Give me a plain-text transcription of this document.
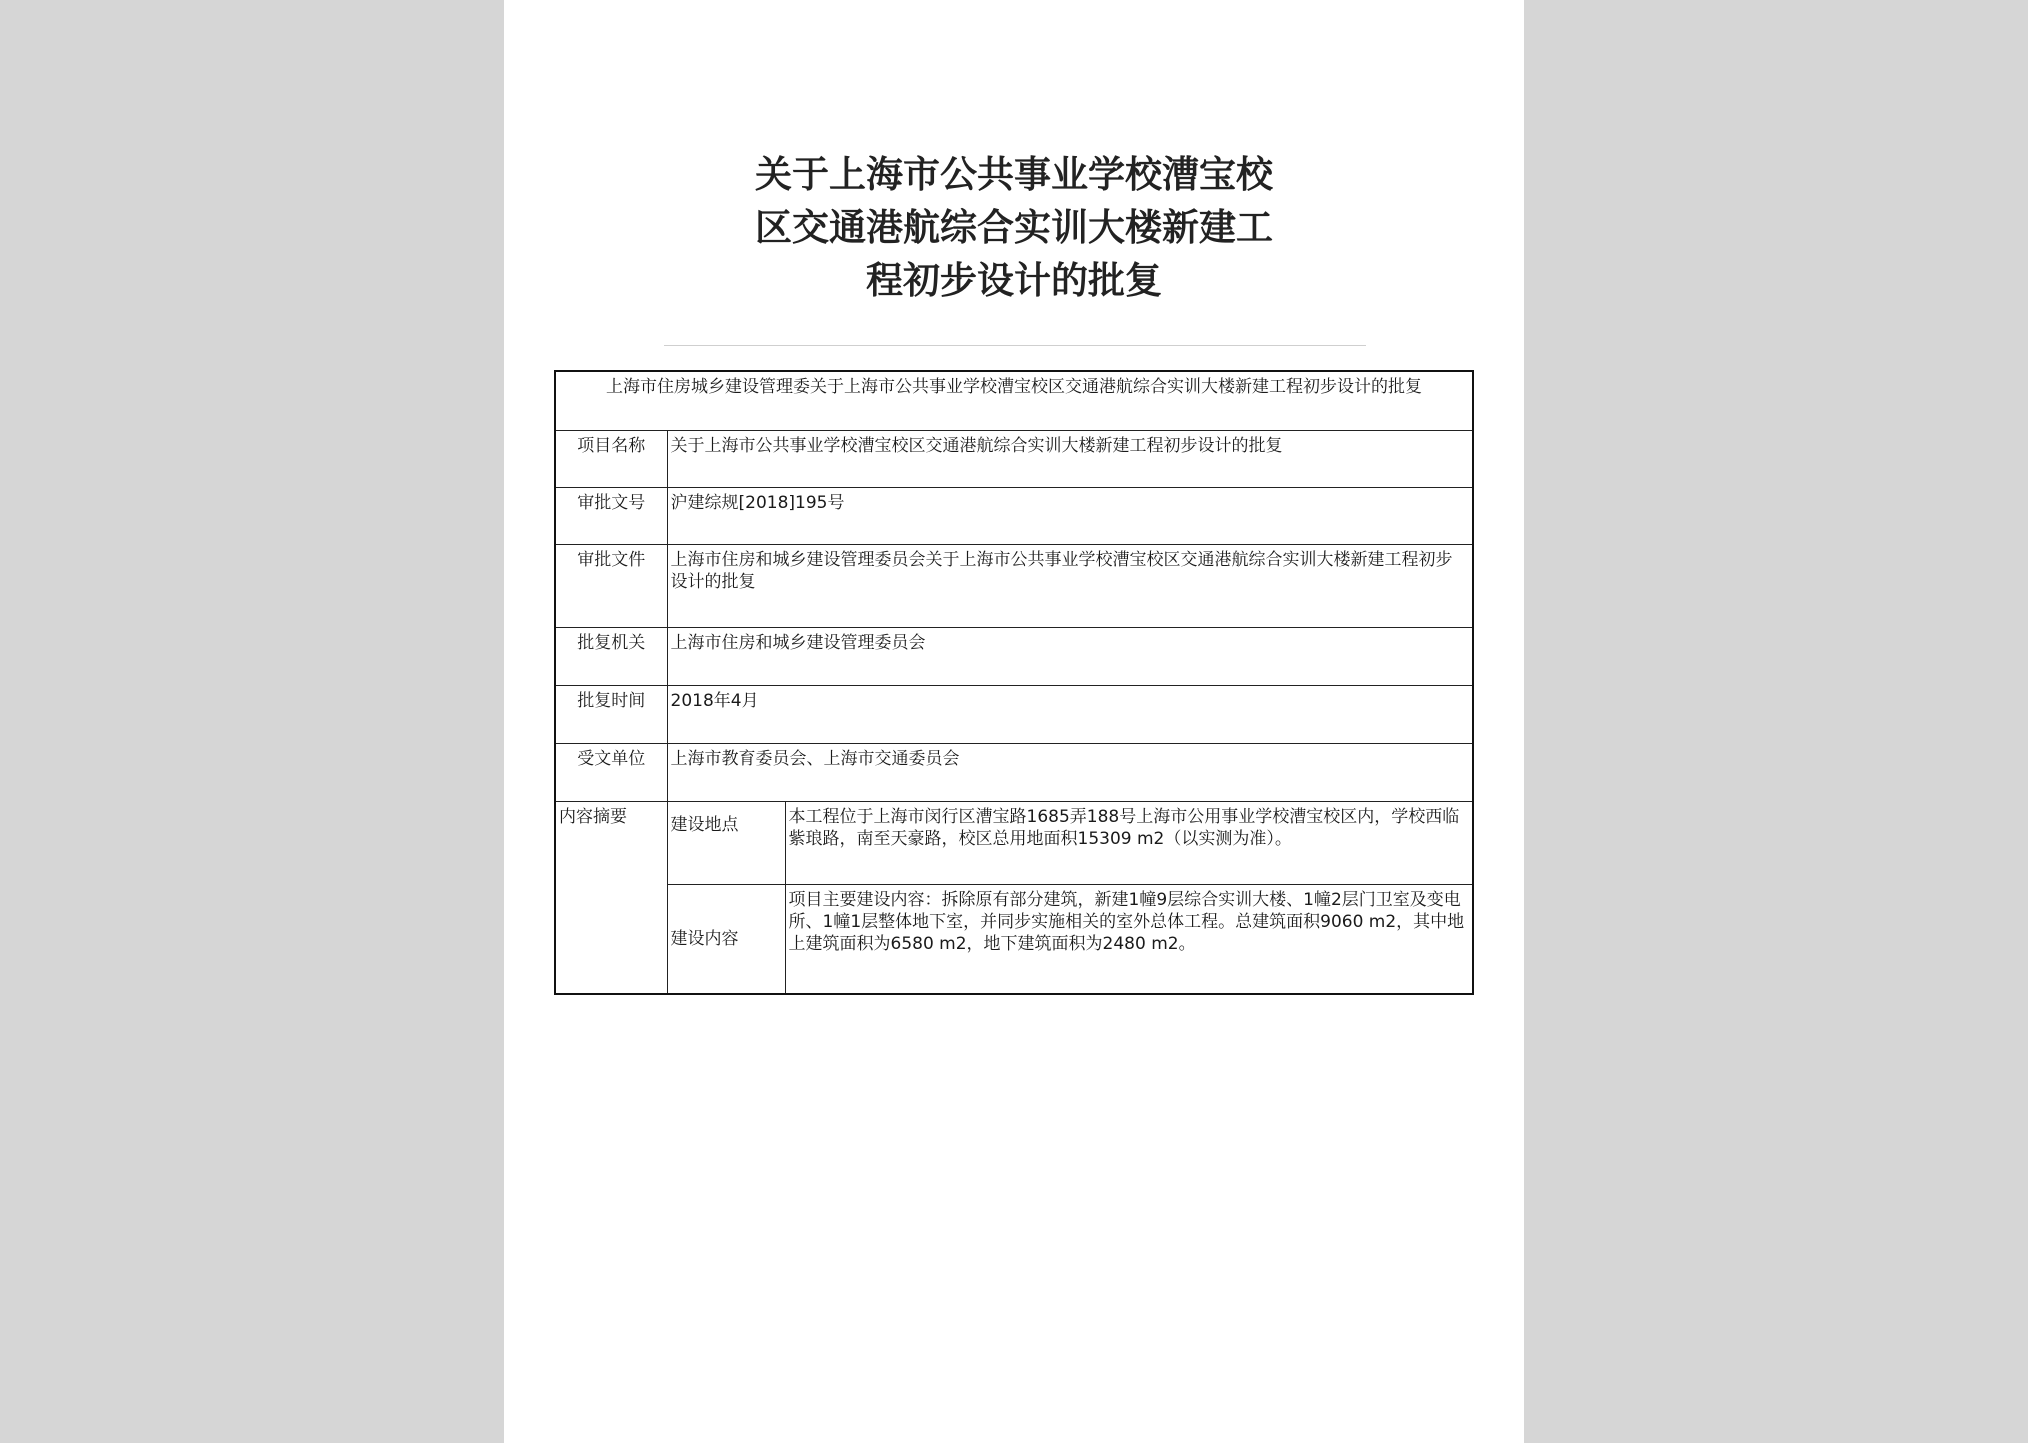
关于上海市公共事业学校漕宝校
区交通港航综合实训大楼新建工
程初步设计的批复
上海市住房城乡建设管理委关于上海市公共事业学校漕宝校区交通港航综合实训大楼新建工程初步设计的批复		
项目名称	关于上海市公共事业学校漕宝校区交通港航综合实训大楼新建工程初步设计的批复	
审批文号	沪建综规[2018]195号	
审批文件	上海市住房和城乡建设管理委员会关于上海市公共事业学校漕宝校区交通港航综合实训大楼新建工程初步设计的批复	
批复机关	上海市住房和城乡建设管理委员会	
批复时间	2018年4月	
受文单位	上海市教育委员会、上海市交通委员会	
内容摘要	建设地点	本工程位于上海市闵行区漕宝路1685弄188号上海市公用事业学校漕宝校区内，学校西临紫琅路，南至天豪路，校区总用地面积15309 m2（以实测为准）。
	建设内容	项目主要建设内容：拆除原有部分建筑，新建1幢9层综合实训大楼、1幢2层门卫室及变电所、1幢1层整体地下室，并同步实施相关的室外总体工程。总建筑面积9060 m2，其中地上建筑面积为6580 m2，地下建筑面积为2480 m2。
